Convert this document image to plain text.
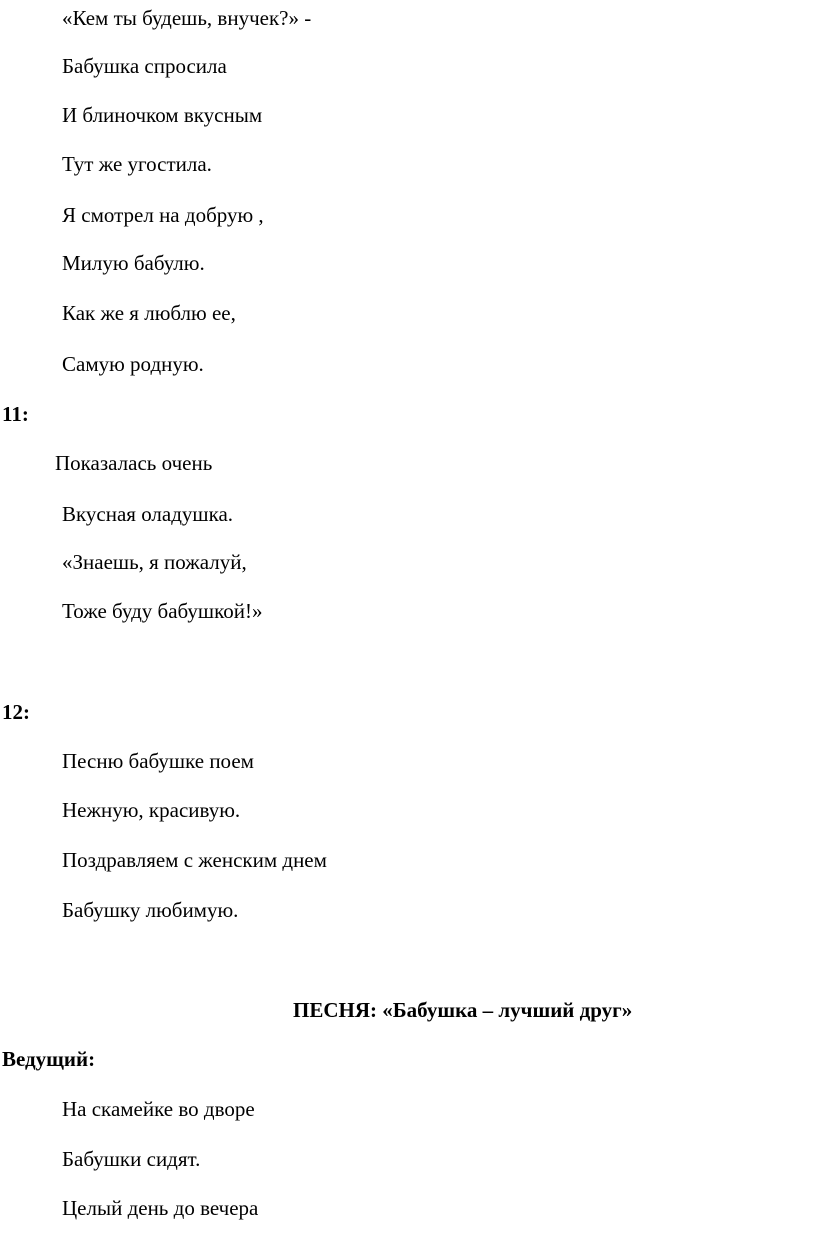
«Кем ты будешь, внучек?» -

Бабушка спросила

И блиночком вкусным

Тут же угостила.

Я смотрел на добрую ,

Милую бабулю.

Как же я люблю ее,

Самую родную.

11:

Показалась очень

Вкусная оладушка.

«Знаешь, я пожалуй,

Тоже буду бабушкой!»

12:

Песню бабушке поем

Нежную, красивую.

Поздравляем с женским днем

Бабушку любимую.

ПЕСНЯ: «Бабушка – лучший друг»

Ведущий:

На скамейке во дворе

Бабушки сидят.

Целый день до вечера
